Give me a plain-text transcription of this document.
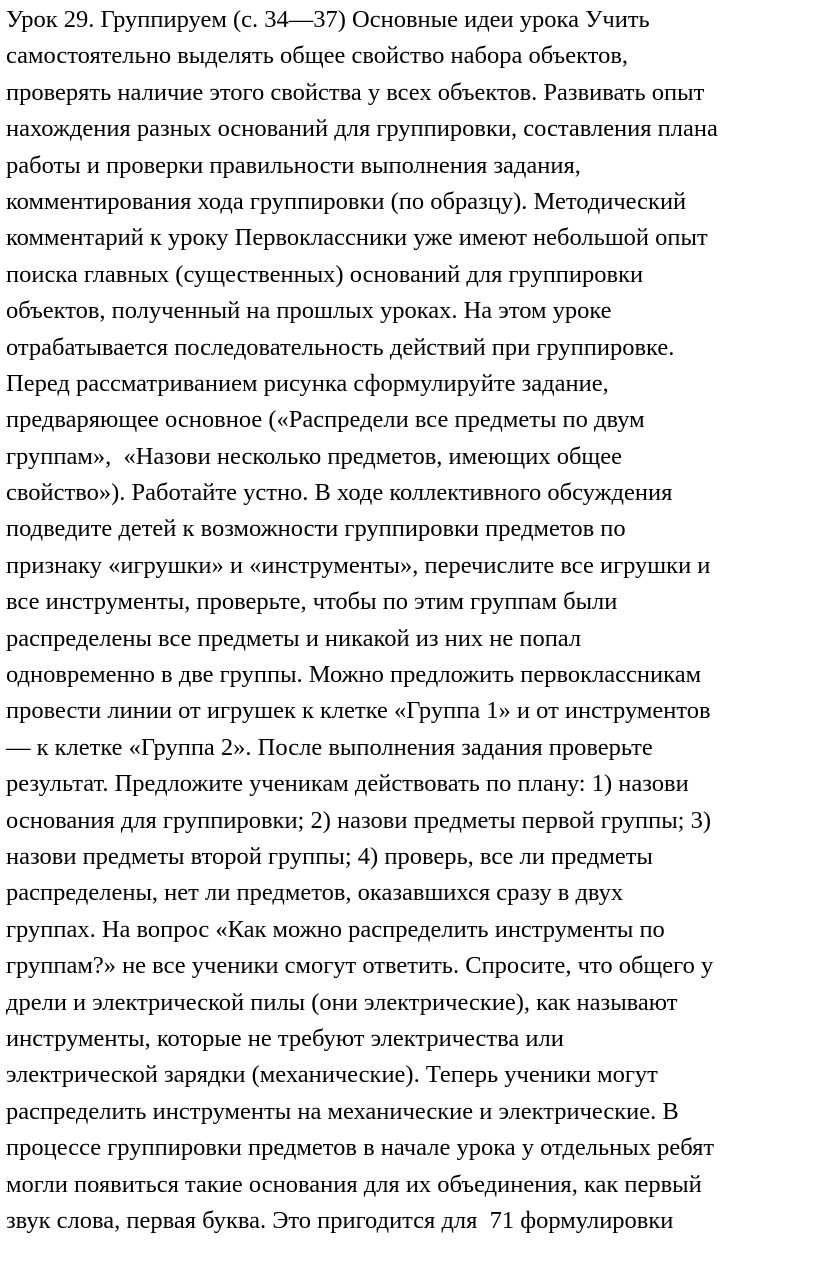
Урок 29. Группируем (с. 34—37) Основные идеи урока Учить
самостоятельно выделять общее свойство набора объектов,
проверять наличие этого свойства у всех объектов. Развивать опыт
нахождения разных оснований для группировки, составления плана
работы и проверки правильности выполнения задания,
комментирования хода группировки (по образцу). Методический
комментарий к уроку Первоклассники уже имеют небольшой опыт
поиска главных (существенных) оснований для группировки
объектов, полученный на прошлых уроках. На этом уроке
отрабатывается последовательность действий при группировке.
Перед рассматриванием рисунка сформулируйте задание,
предваряющее основное («Распредели все предметы по двум
группам»,  «Назови несколько предметов, имеющих общее
свойство»). Работайте устно. В ходе коллективного обсуждения
подведите детей к возможности группировки предметов по
признаку «игрушки» и «инструменты», перечислите все игрушки и
все инструменты, проверьте, чтобы по этим группам были
распределены все предметы и никакой из них не попал
одновременно в две группы. Можно предложить первоклассникам
провести линии от игрушек к клетке «Группа 1» и от инструментов
— к клетке «Группа 2». После выполнения задания проверьте
результат. Предложите ученикам действовать по плану: 1) назови
основания для группировки; 2) назови предметы первой группы; 3)
назови предметы второй группы; 4) проверь, все ли предметы
распределены, нет ли предметов, оказавшихся сразу в двух
группах. На вопрос «Как можно распределить инструменты по
группам?» не все ученики смогут ответить. Спросите, что общего у
дрели и электрической пилы (они электрические), как называют
инструменты, которые не требуют электричества или
электрической зарядки (механические). Теперь ученики могут
распределить инструменты на механические и электрические. В
процессе группировки предметов в начале урока у отдельных ребят
могли появиться такие основания для их объединения, как первый
звук слова, первая буква. Это пригодится для  71 формулировки
